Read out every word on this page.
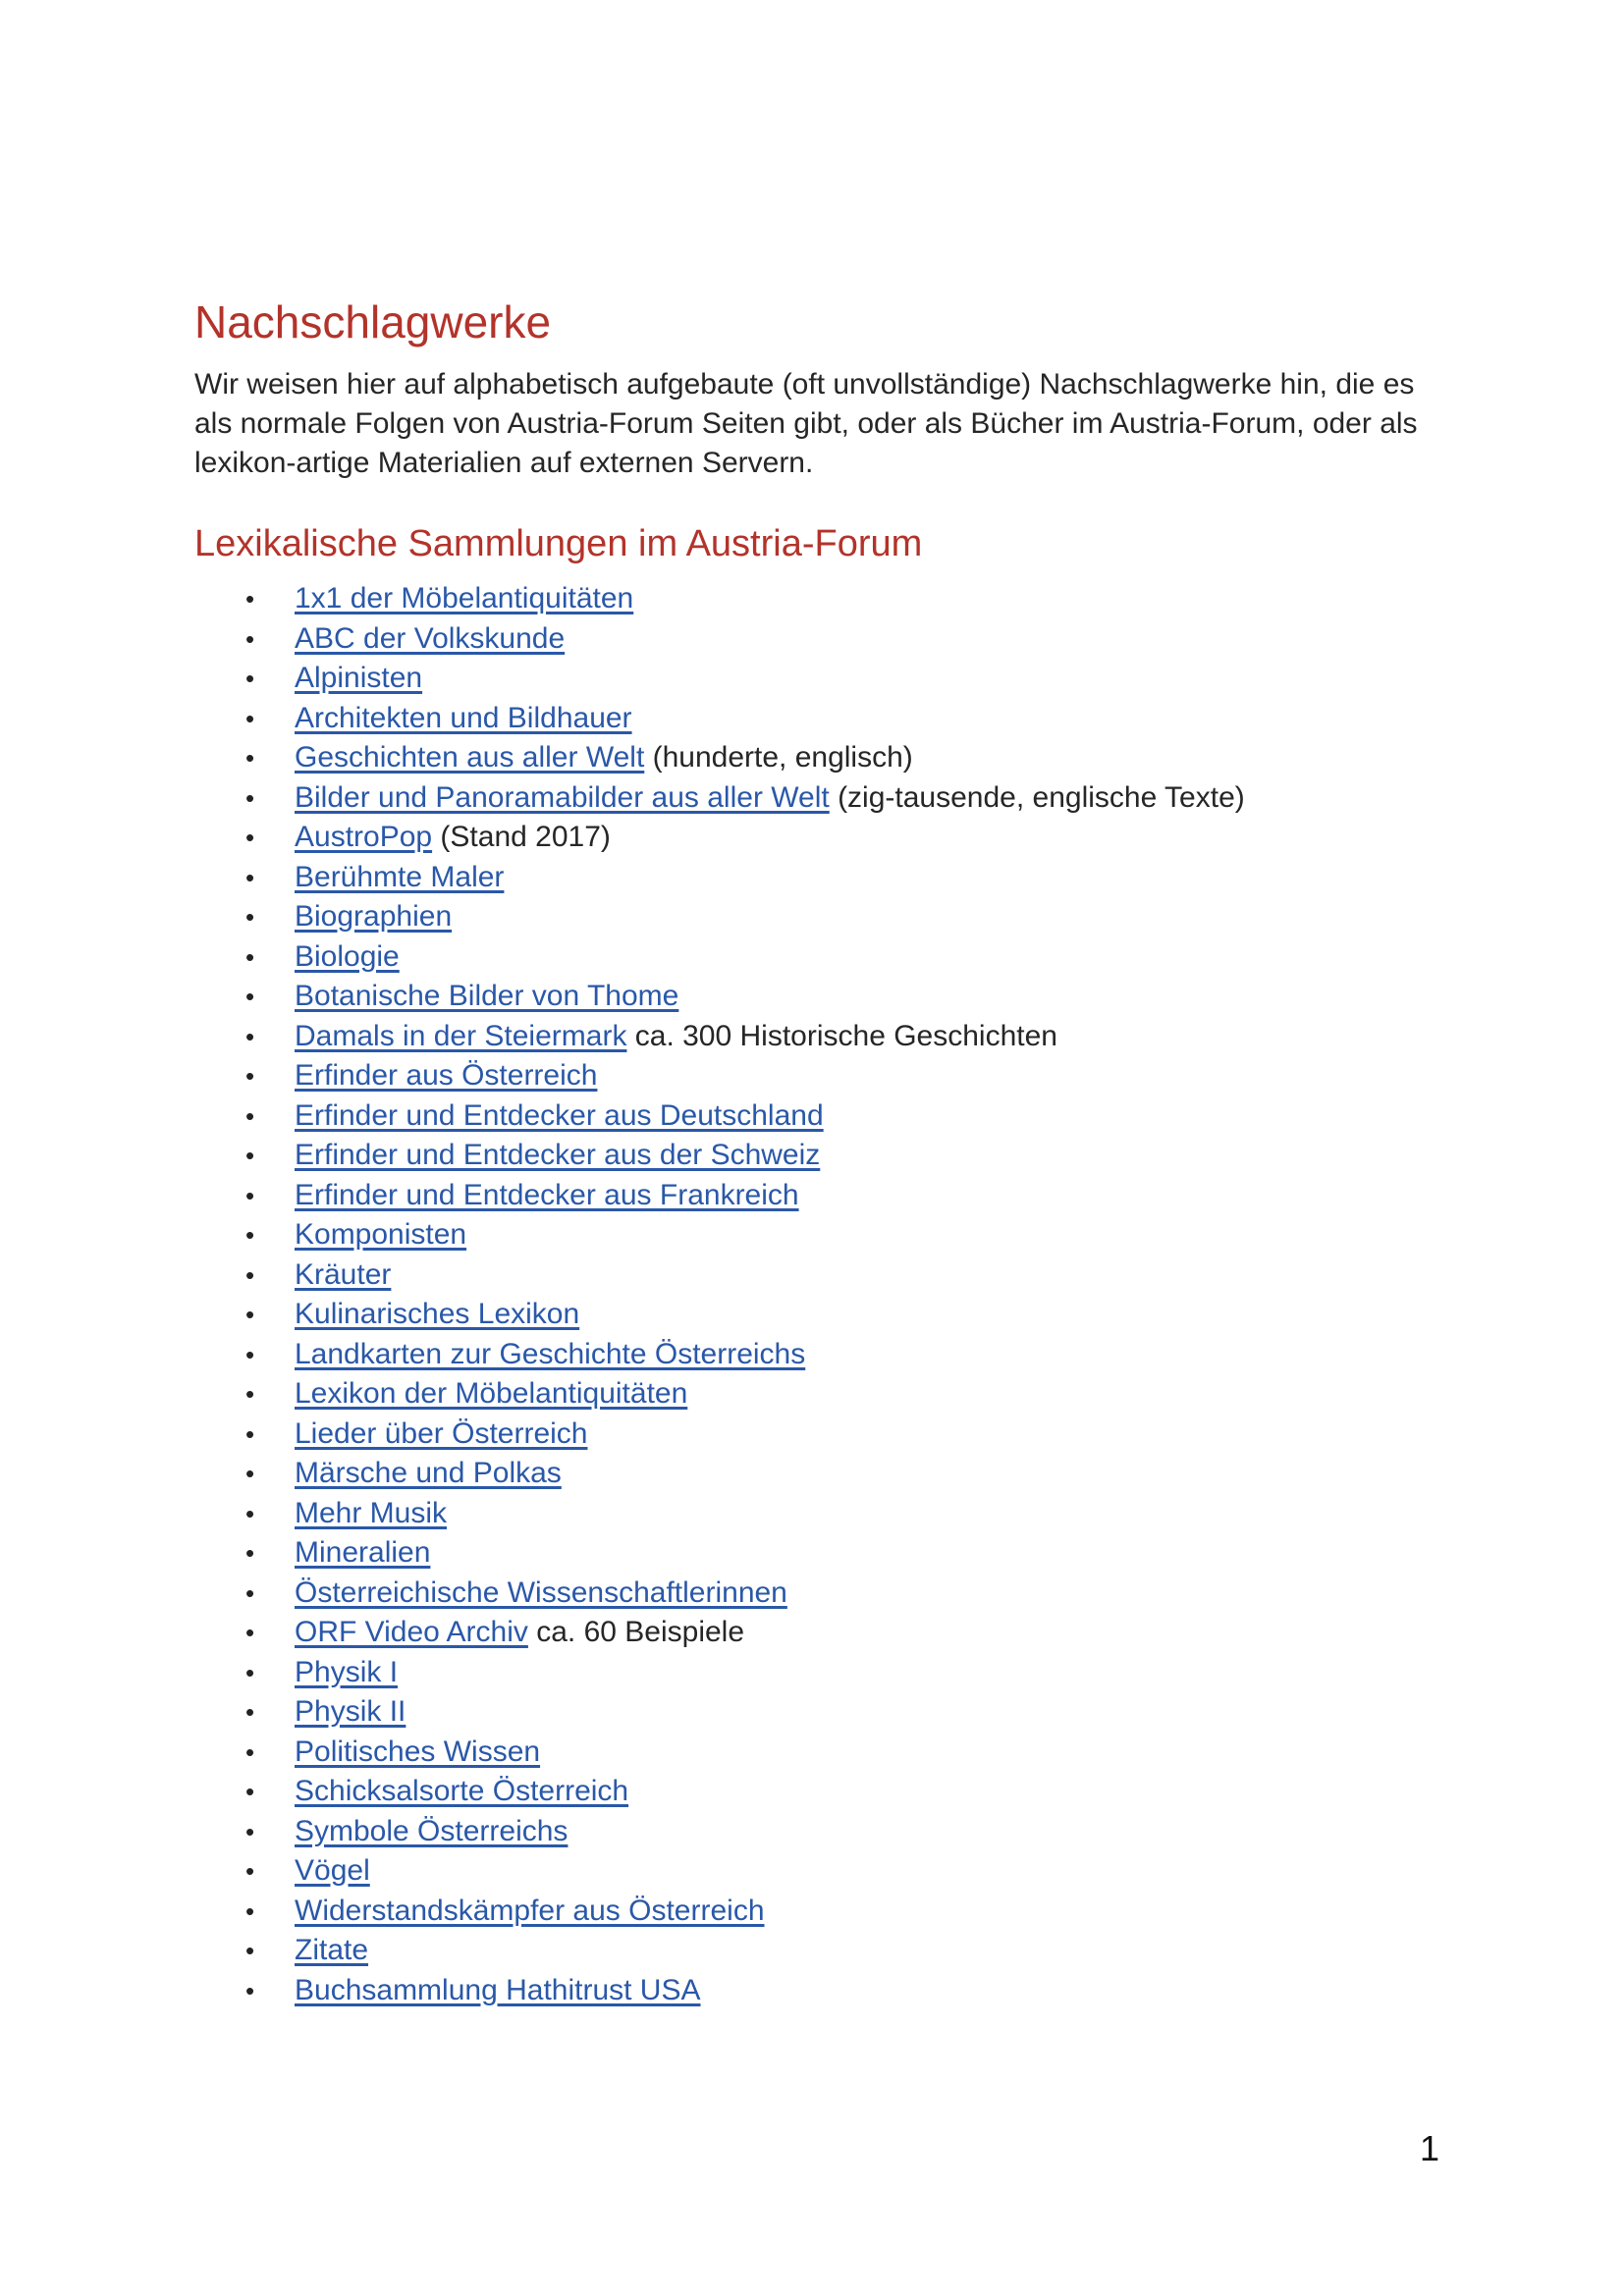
Nachschlagwerke

Wir weisen hier auf alphabetisch aufgebaute (oft unvollständige) Nachschlagwerke hin, die es als normale Folgen von Austria-Forum Seiten gibt, oder als Bücher im Austria-Forum, oder als lexikon-artige Materialien auf externen Servern.

Lexikalische Sammlungen im Austria-Forum
• 1x1 der Möbelantiquitäten
• ABC der Volkskunde
• Alpinisten
• Architekten und Bildhauer
• Geschichten aus aller Welt (hunderte, englisch)
• Bilder und Panoramabilder aus aller Welt (zig-tausende, englische Texte)
• AustroPop (Stand 2017)
• Berühmte Maler
• Biographien
• Biologie
• Botanische Bilder von Thome
• Damals in der Steiermark ca. 300 Historische Geschichten
• Erfinder aus Österreich
• Erfinder und Entdecker aus Deutschland
• Erfinder und Entdecker aus der Schweiz
• Erfinder und Entdecker aus Frankreich
• Komponisten
• Kräuter
• Kulinarisches Lexikon
• Landkarten zur Geschichte Österreichs
• Lexikon der Möbelantiquitäten
• Lieder über Österreich
• Märsche und Polkas
• Mehr Musik
• Mineralien
• Österreichische Wissenschaftlerinnen
• ORF Video Archiv ca. 60 Beispiele
• Physik I
• Physik II
• Politisches Wissen
• Schicksalsorte Österreich
• Symbole Österreichs
• Vögel
• Widerstandskämpfer aus Österreich
• Zitate
• Buchsammlung Hathitrust USA
1
